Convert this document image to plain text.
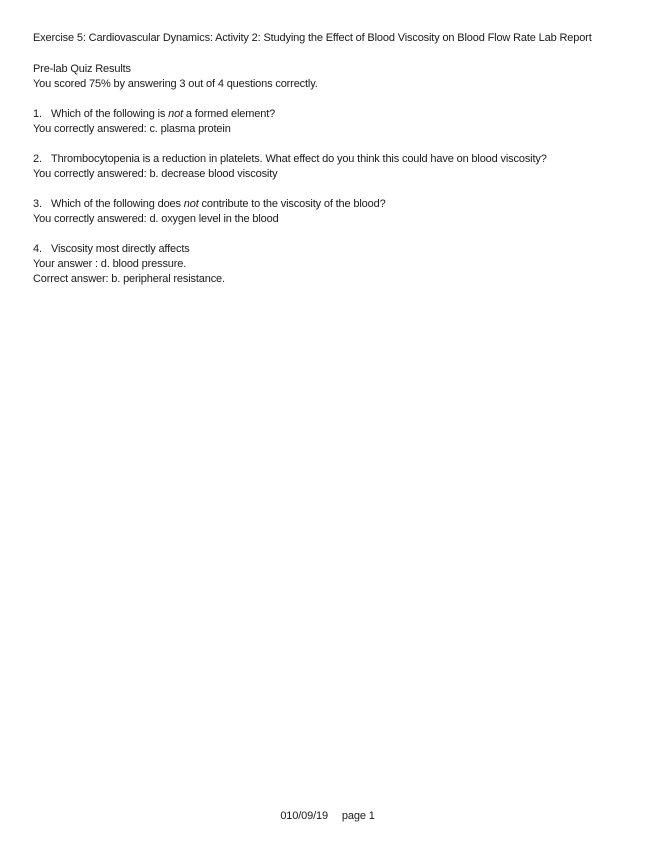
Exercise 5: Cardiovascular Dynamics: Activity 2: Studying the Effect of Blood Viscosity on Blood Flow Rate Lab Report
Pre-lab Quiz Results
You scored 75% by answering 3 out of 4 questions correctly.
1. Which of the following is not a formed element?
You correctly answered: c. plasma protein
2. Thrombocytopenia is a reduction in platelets. What effect do you think this could have on blood viscosity?
You correctly answered: b. decrease blood viscosity
3. Which of the following does not contribute to the viscosity of the blood?
You correctly answered: d. oxygen level in the blood
4. Viscosity most directly affects
Your answer : d. blood pressure.
Correct answer: b. peripheral resistance.
010/09/19 page 1
